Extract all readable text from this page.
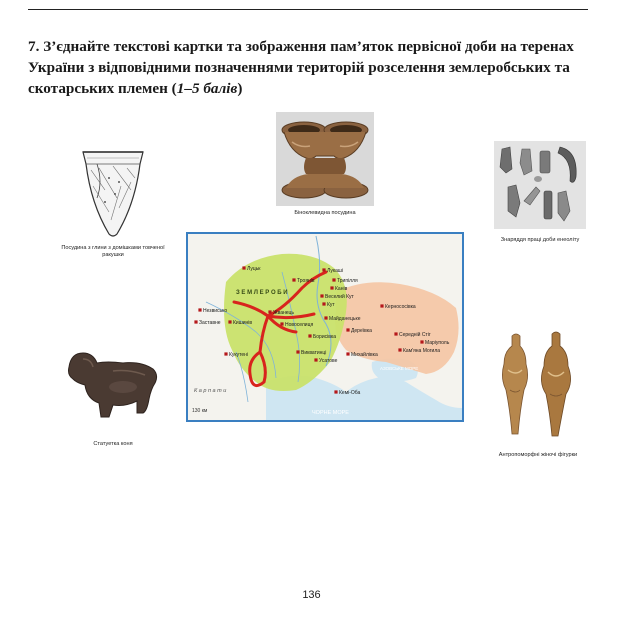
7. З’єднайте текстові картки та зображення пам’яток первісної доби на теренах України з відповідними позначеннями територій розселення землеробських та скотарських племен (1–5 балів)
Посудина з глини з домішками товченої ракушки
Біноклевидна посудина
Знаряддя праці доби енеоліту
Статуетка коня
Антропоморфні жіночі фігурки
З Е М Л Е Р О Б И
АЗОВСЬКЕ МОРЕ
ЧОРНЕ МОРЕ
130 км
К а р п а т и
Луцьк
Троянів
Лукаші
Трипілля
Канів
Незвисько
Заставне
Жванець
Кишинів	Новоселиця
Кукутені
Борисівка
Кут
Майданецьке
Дереївка
Кернососівка
Середній Стіг
Маріуполь
Михайлівка
Кам'яна Могила
Усатове
Кемі-Оба
Викватинці
Веселий Кут
136
